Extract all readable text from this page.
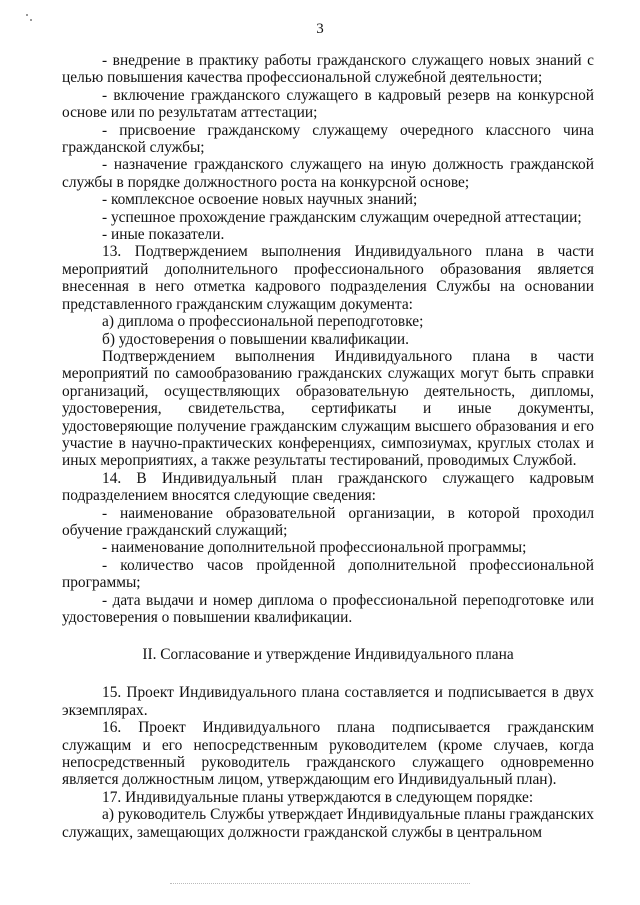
3

- внедрение в практику работы гражданского служащего новых знаний с целью повышения качества профессиональной служебной деятельности;

- включение гражданского служащего в кадровый резерв на конкурсной основе или по результатам аттестации;

- присвоение гражданскому служащему очередного классного чина гражданской службы;

- назначение гражданского служащего на иную должность гражданской службы в порядке должностного роста на конкурсной основе;

- комплексное освоение новых научных знаний;

- успешное прохождение гражданским служащим очередной аттестации;

- иные показатели.

13. Подтверждением выполнения Индивидуального плана в части мероприятий дополнительного профессионального образования является внесенная в него отметка кадрового подразделения Службы на основании представленного гражданским служащим документа:

а) диплома о профессиональной переподготовке;

б) удостоверения о повышении квалификации.

Подтверждением выполнения Индивидуального плана в части мероприятий по самообразованию гражданских служащих могут быть справки организаций, осуществляющих образовательную деятельность, дипломы, удостоверения, свидетельства, сертификаты и иные документы, удостоверяющие получение гражданским служащим высшего образования и его участие в научно-практических конференциях, симпозиумах, круглых столах и иных мероприятиях, а также результаты тестирований, проводимых Службой.

14. В Индивидуальный план гражданского служащего кадровым подразделением вносятся следующие сведения:

- наименование образовательной организации, в которой проходил обучение гражданский служащий;

- наименование дополнительной профессиональной программы;

- количество часов пройденной дополнительной профессиональной программы;

- дата выдачи и номер диплома о профессиональной переподготовке или удостоверения о повышении квалификации.

II. Согласование и утверждение Индивидуального плана

15. Проект Индивидуального плана составляется и подписывается в двух экземплярах.

16. Проект Индивидуального плана подписывается гражданским служащим и его непосредственным руководителем (кроме случаев, когда непосредственный руководитель гражданского служащего одновременно является должностным лицом, утверждающим его Индивидуальный план).

17. Индивидуальные планы утверждаются в следующем порядке:

а) руководитель Службы утверждает Индивидуальные планы гражданских служащих, замещающих должности гражданской службы в центральном
